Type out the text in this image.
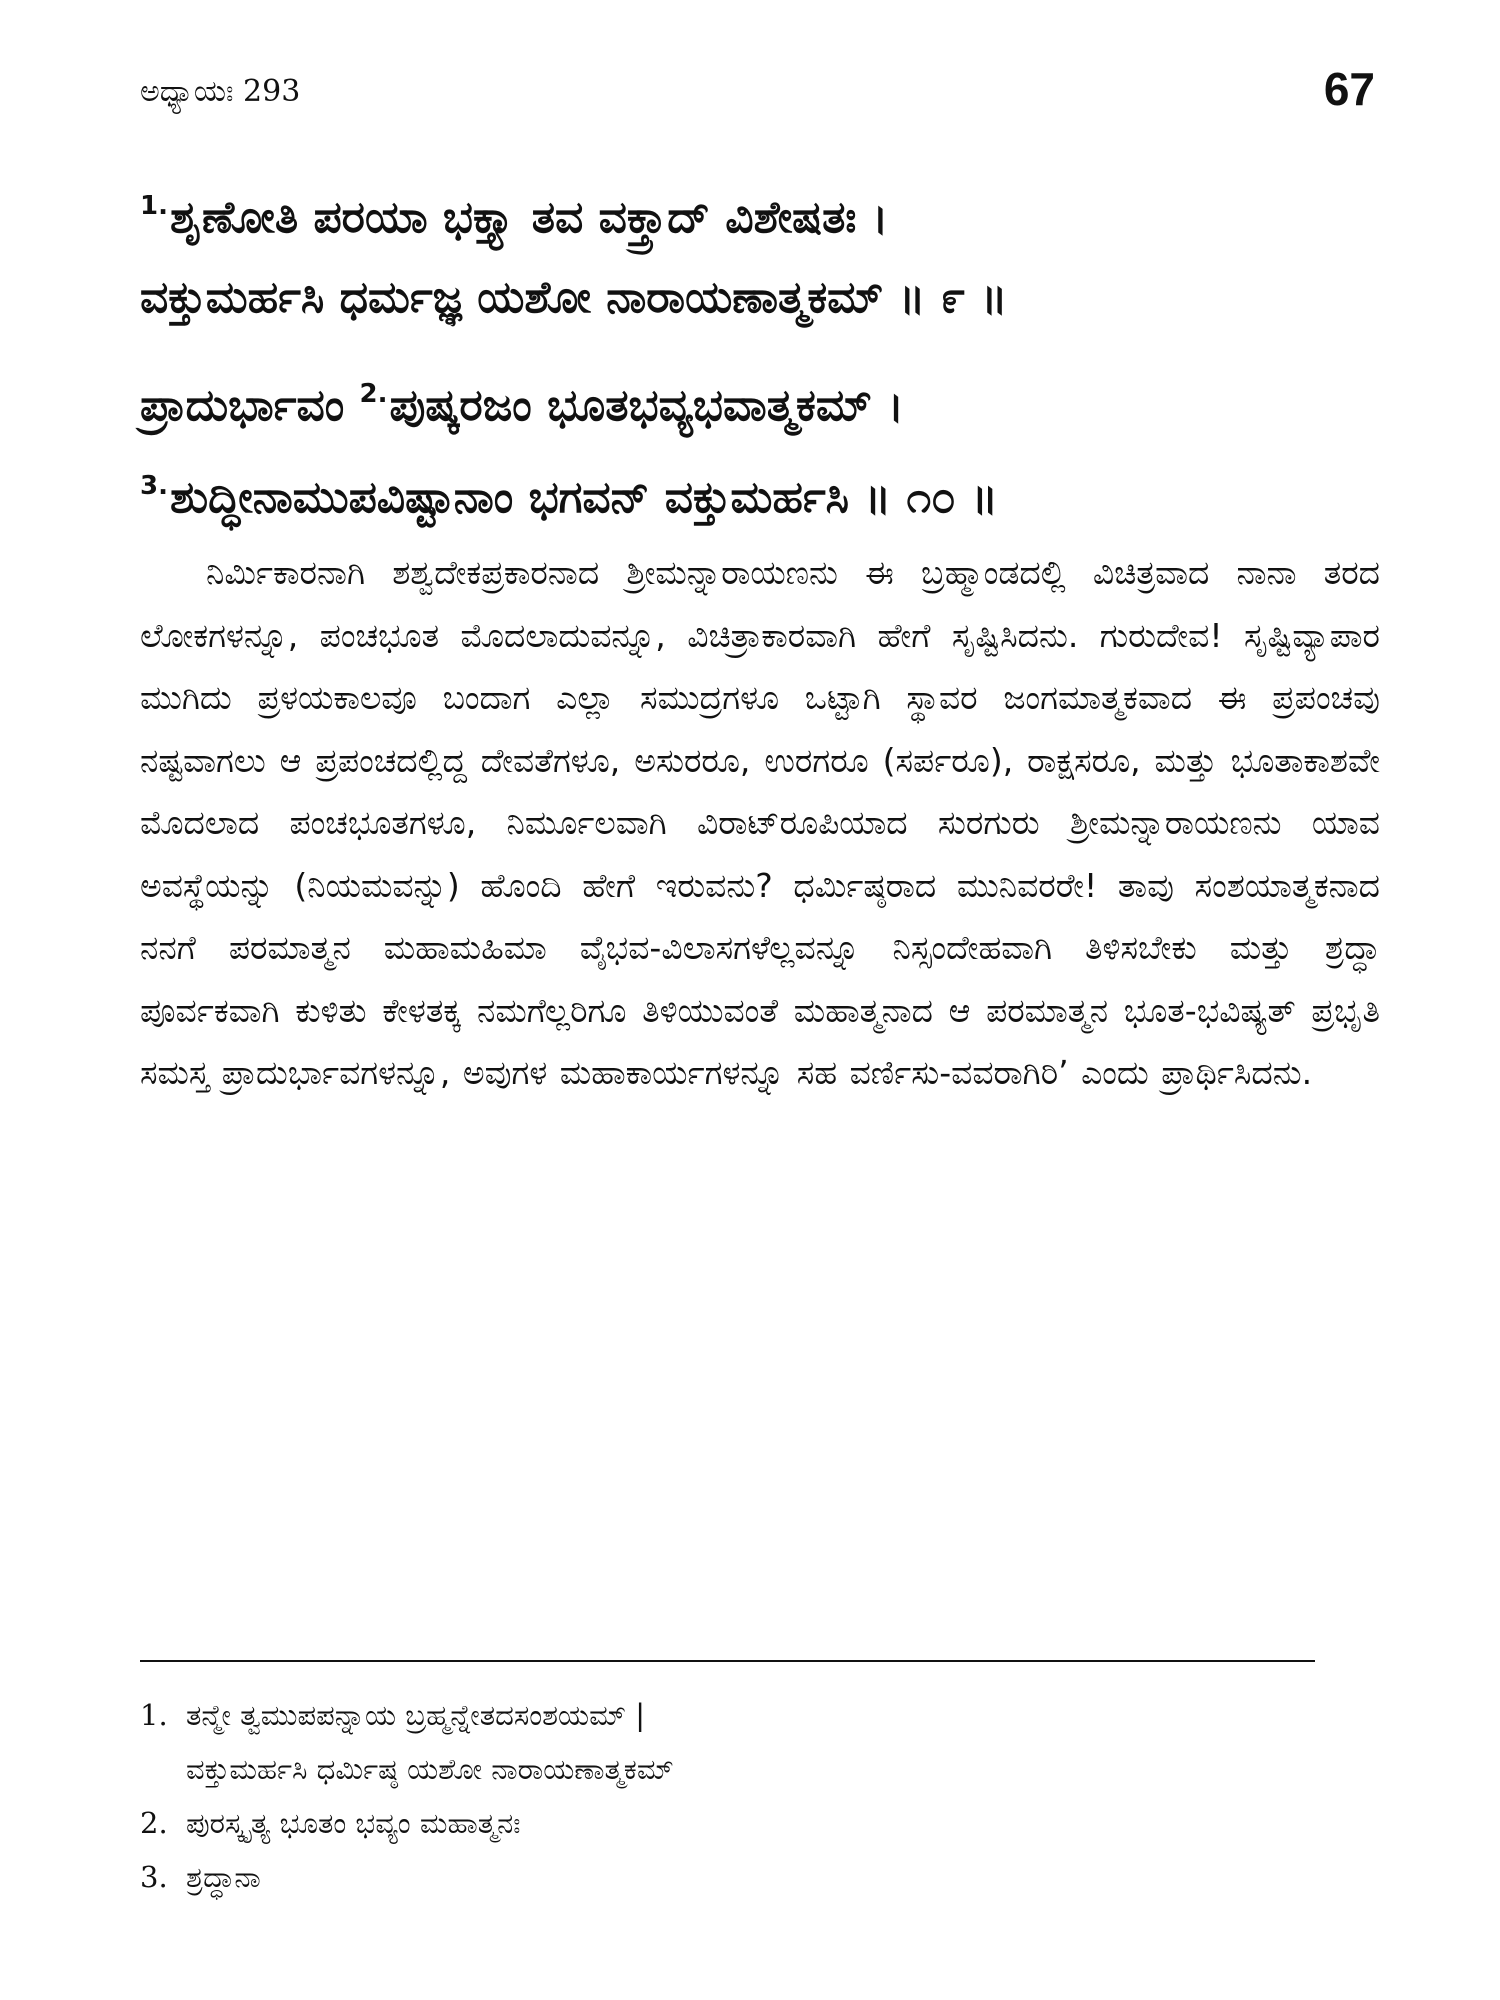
ಅಧ್ಯಾಯಃ 293	67
$^{1.}$ಶೃಣೋತಿ ಪರಯಾ ಭಕ್ತ್ಯಾ ತವ ವಕ್ತ್ರಾದ್ ವಿಶೇಷತಃ ।
ವಕ್ತುಮರ್ಹಸಿ ಧರ್ಮಜ್ಞ ಯಶೋ ನಾರಾಯಣಾತ್ಮಕಮ್ ॥ ೯ ॥
ಪ್ರಾದುರ್ಭಾವಂ $^{2.}$ಪುಷ್ಕರಜಂ ಭೂತಭವ್ಯಭವಾತ್ಮಕಮ್ ।
$^{3.}$ಶುದ್ಧೀನಾಮುಪವಿಷ್ಟಾನಾಂ ಭಗವನ್ ವಕ್ತುಮರ್ಹಸಿ ॥ ೧೦ ॥

ನಿರ್ಮಿಕಾರನಾಗಿ ಶಶ್ವದೇಕಪ್ರಕಾರನಾದ ಶ್ರೀಮನ್ನಾರಾಯಣನು ಈ ಬ್ರಹ್ಮಾಂಡದಲ್ಲಿ ವಿಚಿತ್ರವಾದ ನಾನಾ ತರದ ಲೋಕಗಳನ್ನೂ, ಪಂಚಭೂತ ಮೊದಲಾದುವನ್ನೂ, ವಿಚಿತ್ರಾಕಾರವಾಗಿ ಹೇಗೆ ಸೃಷ್ಟಿಸಿದನು. ಗುರುದೇವ! ಸೃಷ್ಟಿವ್ಯಾಪಾರ ಮುಗಿದು ಪ್ರಳಯಕಾಲವೂ ಬಂದಾಗ ಎಲ್ಲಾ ಸಮುದ್ರಗಳೂ ಒಟ್ಟಾಗಿ ಸ್ಥಾವರ ಜಂಗಮಾತ್ಮಕವಾದ ಈ ಪ್ರಪಂಚವು ನಷ್ಟವಾಗಲು ಆ ಪ್ರಪಂಚದಲ್ಲಿದ್ದ ದೇವತೆಗಳೂ, ಅಸುರರೂ, ಉರಗರೂ (ಸರ್ಪರೂ), ರಾಕ್ಷಸರೂ, ಮತ್ತು ಭೂತಾಕಾಶವೇ ಮೊದಲಾದ ಪಂಚಭೂತಗಳೂ, ನಿರ್ಮೂಲವಾಗಿ ವಿರಾಟ್‌ರೂಪಿಯಾದ ಸುರಗುರು ಶ್ರೀಮನ್ನಾರಾಯಣನು ಯಾವ ಅವಸ್ಥೆಯನ್ನು (ನಿಯಮವನ್ನು) ಹೊಂದಿ ಹೇಗೆ ಇರುವನು? ಧರ್ಮಿಷ್ಠರಾದ ಮುನಿವರರೇ! ತಾವು ಸಂಶಯಾತ್ಮಕನಾದ ನನಗೆ ಪರಮಾತ್ಮನ ಮಹಾಮಹಿಮಾ ವೈಭವ-ವಿಲಾಸಗಳೆಲ್ಲವನ್ನೂ ನಿಸ್ಸಂದೇಹವಾಗಿ ತಿಳಿಸಬೇಕು ಮತ್ತು ಶ್ರದ್ಧಾ ಪೂರ್ವಕವಾಗಿ ಕುಳಿತು ಕೇಳತಕ್ಕ ನಮಗೆಲ್ಲರಿಗೂ ತಿಳಿಯುವಂತೆ ಮಹಾತ್ಮನಾದ ಆ ಪರಮಾತ್ಮನ ಭೂತ-ಭವಿಷ್ಯತ್ ಪ್ರಭೃತಿ ಸಮಸ್ತ ಪ್ರಾದುರ್ಭಾವಗಳನ್ನೂ, ಅವುಗಳ ಮಹಾಕಾರ್ಯಗಳನ್ನೂ ಸಹ ವರ್ಣಿಸು-ವವರಾಗಿರಿ’ ಎಂದು ಪ್ರಾರ್ಥಿಸಿದನು.

1. ತನ್ಮೇ ತ್ವಮುಪಪನ್ನಾಯ ಬ್ರಹ್ಮನ್ನೇತದಸಂಶಯಮ್ |
ವಕ್ತುಮರ್ಹಸಿ ಧರ್ಮಿಷ್ಠ ಯಶೋ ನಾರಾಯಣಾತ್ಮಕಮ್
2. ಪುರಸ್ಕೃತ್ಯ ಭೂತಂ ಭವ್ಯಂ ಮಹಾತ್ಮನಃ
3. ಶ್ರದ್ಧಾನಾ
